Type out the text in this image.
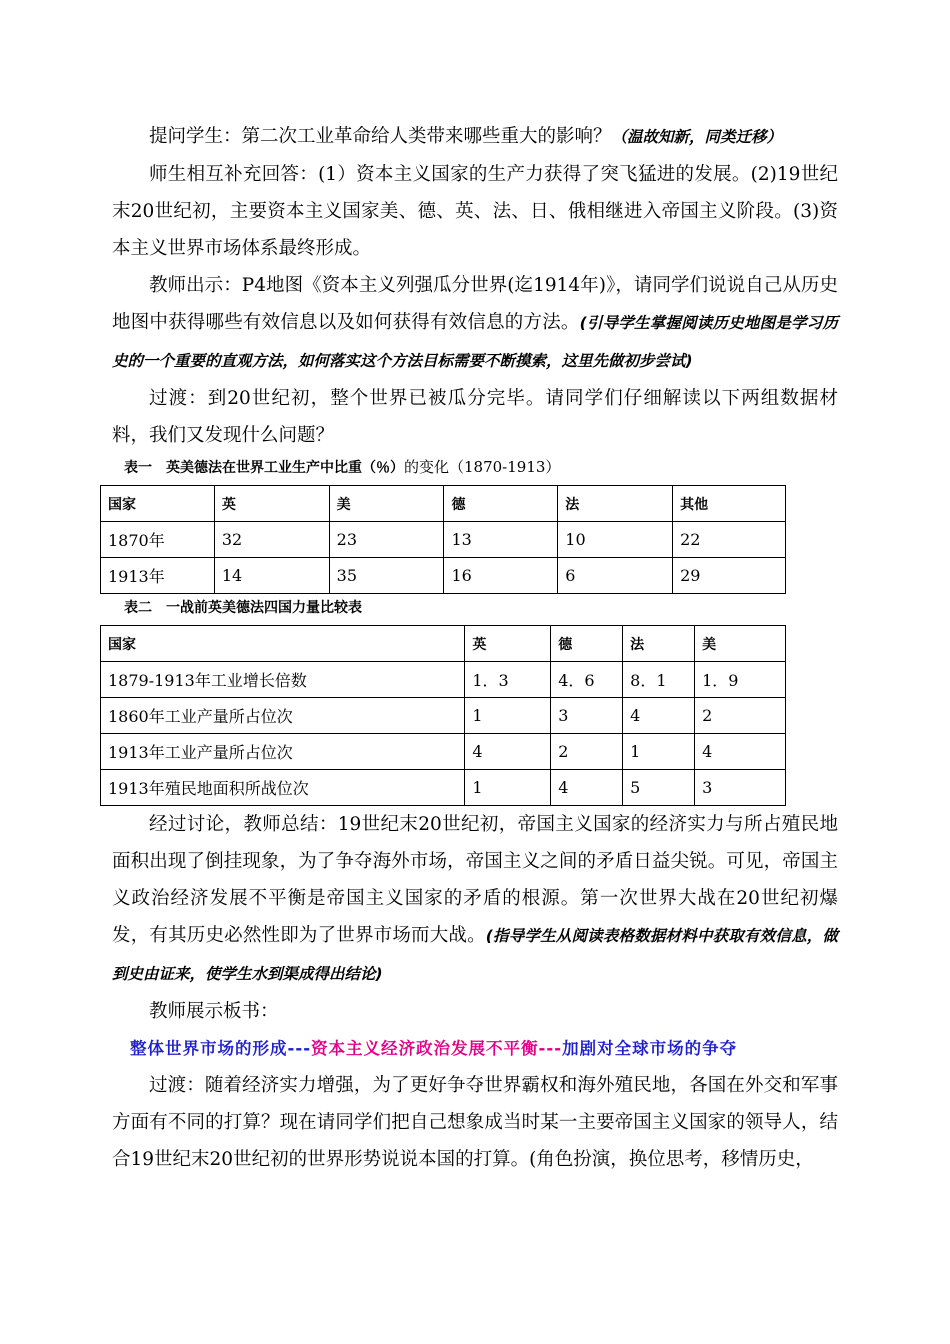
提问学生：第二次工业革命给人类带来哪些重大的影响？（温故知新，同类迁移）

师生相互补充回答：(1）资本主义国家的生产力获得了突飞猛进的发展。(2)19世纪末20世纪初，主要资本主义国家美、德、英、法、日、俄相继进入帝国主义阶段。(3)资本主义世界市场体系最终形成。

教师出示：P4地图《资本主义列强瓜分世界(迄1914年)》，请同学们说说自己从历史地图中获得哪些有效信息以及如何获得有效信息的方法。(引导学生掌握阅读历史地图是学习历史的一个重要的直观方法，如何落实这个方法目标需要不断摸索，这里先做初步尝试)

过渡：到20世纪初，整个世界已被瓜分完毕。请同学们仔细解读以下两组数据材料，我们又发现什么问题？

表一　英美德法在世界工业生产中比重（％）的变化（1870-1913）
国家	英	美	德	法	其他
1870年	32	23	13	10	22
1913年	14	35	16	6	29
表二　一战前英美德法四国力量比较表
国家	英	德	法	美
1879-1913年工业增长倍数	1．3	4．6	8．1	1．9
1860年工业产量所占位次	1	3	4	2
1913年工业产量所占位次	4	2	1	4
1913年殖民地面积所战位次	1	4	5	3

经过讨论，教师总结：19世纪末20世纪初，帝国主义国家的经济实力与所占殖民地面积出现了倒挂现象，为了争夺海外市场，帝国主义之间的矛盾日益尖锐。可见，帝国主义政治经济发展不平衡是帝国主义国家的矛盾的根源。第一次世界大战在20世纪初爆发，有其历史必然性即为了世界市场而大战。(指导学生从阅读表格数据材料中获取有效信息，做到史由证来，使学生水到渠成得出结论)

教师展示板书：

整体世界市场的形成---资本主义经济政治发展不平衡---加剧对全球市场的争夺

过渡：随着经济实力增强，为了更好争夺世界霸权和海外殖民地，各国在外交和军事方面有不同的打算？现在请同学们把自己想象成当时某一主要帝国主义国家的领导人，结合19世纪末20世纪初的世界形势说说本国的打算。(角色扮演，换位思考，移情历史，
